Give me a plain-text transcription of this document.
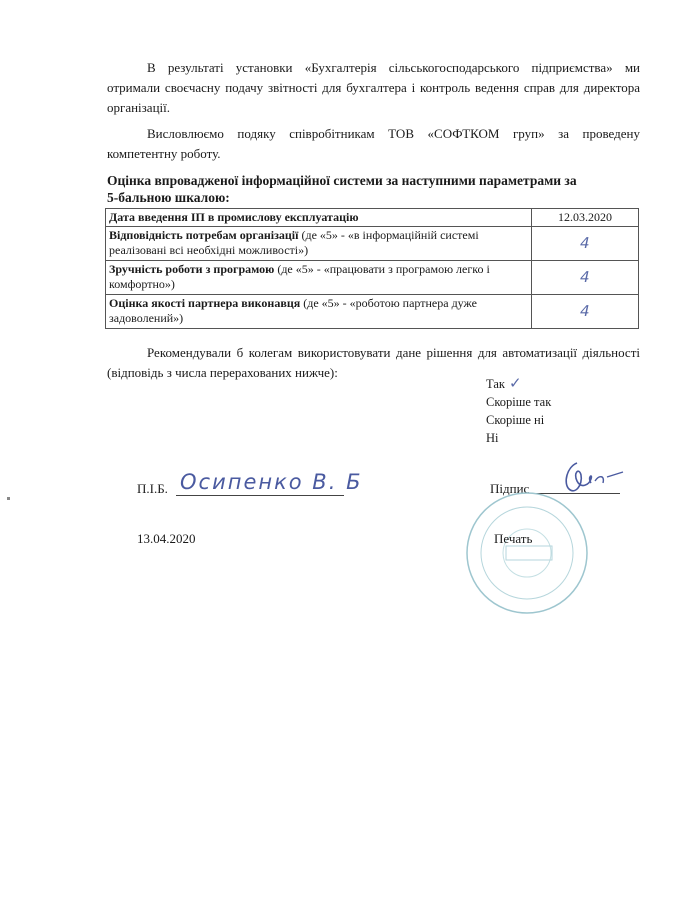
В результаті установки «Бухгалтерія сільськогосподарського підприємства» ми отримали своєчасну подачу звітності для бухгалтера і контроль ведення справ для директора організації.
Висловлюємо подяку співробітникам ТОВ «СОФТКОМ груп» за проведену компетентну роботу.
Оцінка впровадженої інформаційної системи за наступними параметрами за
5-бальною шкалою:
Дата введення ІП в промислову експлуатацію	12.03.2020
Відповідність потребам організації (де «5» - «в інформаційній системі реалізовані всі необхідні можливості»)	4
Зручність роботи з програмою (де «5» - «працювати з програмою легко і комфортно»)	4
Оцінка якості партнера виконавця (де «5» - «роботою партнера дуже задоволений»)	4
Рекомендували б колегам використовувати дане рішення для автоматизації діяльності (відповідь з числа перерахованих нижче):
Так ✓
Скоріше так
Скоріше ні
Ні
П.І.Б. Осипенко В. Б	Підпис
13.04.2020	Печать
